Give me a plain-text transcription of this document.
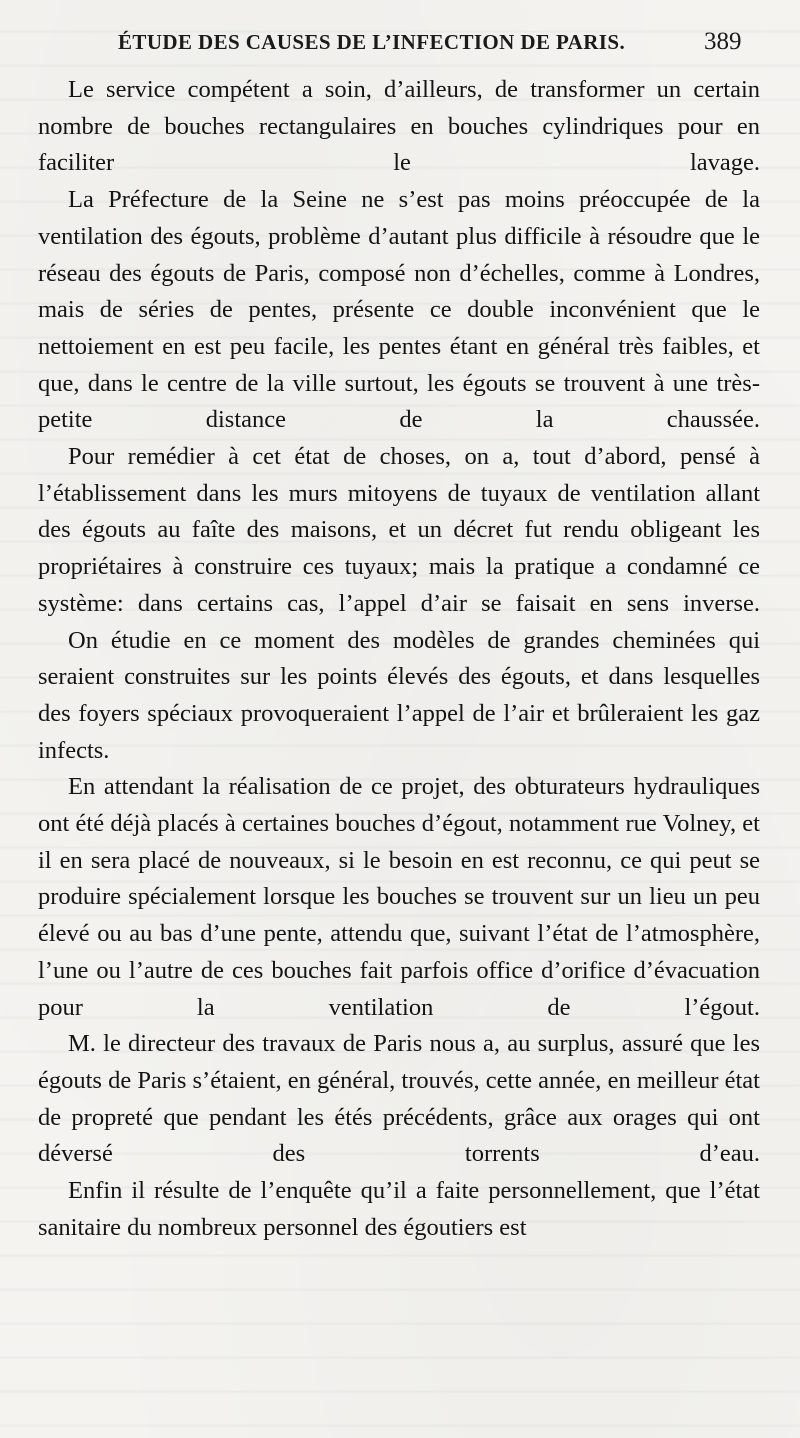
ÉTUDE DES CAUSES DE L’INFECTION DE PARIS.	389

Le service compétent a soin, d’ailleurs, de transformer un certain nombre de bouches rectangulaires en bouches cylindriques pour en faciliter le lavage.

La Préfecture de la Seine ne s’est pas moins préoccupée de la ventilation des égouts, problème d’autant plus difficile à résoudre que le réseau des égouts de Paris, composé non d’échelles, comme à Londres, mais de séries de pentes, présente ce double inconvénient que le nettoiement en est peu facile, les pentes étant en général très faibles, et que, dans le centre de la ville surtout, les égouts se trouvent à une très-petite distance de la chaussée.

Pour remédier à cet état de choses, on a, tout d’abord, pensé à l’établissement dans les murs mitoyens de tuyaux de ventilation allant des égouts au faîte des maisons, et un décret fut rendu obligeant les propriétaires à construire ces tuyaux; mais la pratique a condamné ce système: dans certains cas, l’appel d’air se faisait en sens inverse.

On étudie en ce moment des modèles de grandes cheminées qui seraient construites sur les points élevés des égouts, et dans lesquelles des foyers spéciaux provoqueraient l’appel de l’air et brûleraient les gaz infects.

En attendant la réalisation de ce projet, des obturateurs hydrauliques ont été déjà placés à certaines bouches d’égout, notamment rue Volney, et il en sera placé de nouveaux, si le besoin en est reconnu, ce qui peut se produire spécialement lorsque les bouches se trouvent sur un lieu un peu élevé ou au bas d’une pente, attendu que, suivant l’état de l’atmosphère, l’une ou l’autre de ces bouches fait parfois office d’orifice d’évacuation pour la ventilation de l’égout.

M. le directeur des travaux de Paris nous a, au surplus, assuré que les égouts de Paris s’étaient, en général, trouvés, cette année, en meilleur état de propreté que pendant les étés précédents, grâce aux orages qui ont déversé des torrents d’eau.

Enfin il résulte de l’enquête qu’il a faite personnellement, que l’état sanitaire du nombreux personnel des égoutiers est
